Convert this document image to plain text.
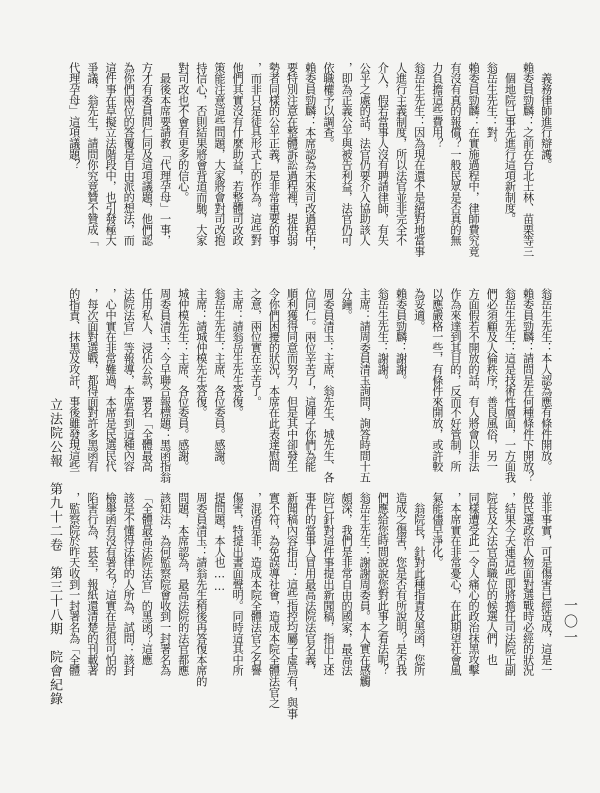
一〇一
立法院公報　第九十二卷　第三十八期　院會紀錄
　義務律師進行辯護。
賴委員勁麟：之前在台北土林、苗栗等三
　個地院已事先進行這項新制度。
翁岳生先生：對。
賴委員勁麟：在實施過程中，律師費究竟
有沒有真的報償？一般民眾是否真的無
力負擔這些費用？
翁岳生先生：因為現在還不是絕對地當事
人進行主義制度，所以法官並非完全不
介入，假若當事人沒有聘請律師，有失
公平之處的話，法官仍要介入協助該人
，即為正義公平與被告利益，法官仍可
依職權予以調查。
賴委員勁麟：本席認為未來司改過程中，
要特別注意在整體訴訟過程裡，提供弱
勢者同樣的公平正義，是非常重要的事
，而非只是徒具形式上的作為。這些對
他們其實沒有什麼助益，若整體司改政
策能注意這些問題，大家將會對司改抱
持信心，否則結果將會背道而馳，大家
對司改也不會有更多的信心。
　最後本席要請教「代理孕母」一事，
方才有委員問仁同及這項議題，他們認
為你們兩位的答覆是自由派的想法，而
這件事在草擬立法階段中，也引發極大
爭議，翁先生，請問你究竟贊不贊成「
代理孕母」這項議題？
翁岳生先生：本人認為應有條件開放。
賴委員勁麟：請問是在何種條件下開放？
翁岳生先生：這是技術性層面，一方面我
們必須顧及人倫秩序，善良風俗，另一
方面假若不開放的話，有人將會以非法
作為來達到其目的，反而不好管制，所
以應嚴格一些，有條件來開放，或許較
為妥適。
賴委員勁麟：謝謝。
翁岳生先生：謝謝。
主席：請周委員清玉詢問，詢答時間十五
分鐘。
周委員清玉：主席、翁先生、城先生、各
位同仁。兩位辛苦了，這陣子你們為能
順利獲得同意而努力，但是其中卻發生
令你們困擾的狀況，本席在此表達慰問
之意，兩位實在辛苦了。
主席：請翁岳生先生答復。
翁岳生先生：主席、各位委員。感謝。
主席：請城仲模先生答復。
城仲模先生：主席、各位委員。感謝。
周委員清玉：今早聯合報標題：黑函指翁
任用私人、浸佔公款，署名「全體最高
法院法官」等報導，本席看到這種內容
，心中實在非常難過，本席是民選民代
，每次面對選戰，都得面對許多黑函有
的指責、抹黑及攻訐，事後雖發現這些
並非事實，可是傷害已經造成，這是一
般民選政治人物面對選戰時必經的狀況
，結果今天連這些即將擔任司法院正副
院長及大法官高職位的候選人們，也
同樣遭受此一令人痛心的政治抹黑攻擊
，本席實在非常憂心，在此期望社會風
氣能儘早淨化。
　翁院長，針對此種指責及黑函，您所
造成之傷害，您是否有所說明？是否我
們應給您時間說說您對此事之看法呢？
翁岳生先生：謝謝周委員。本人實在感觸
頗深，我們是非常自由的國家，最高法
院已針對這件事提出新聞稿，指出上述
事件的當事人冒用最高法院法官名義，
新聞稿內容指出：這些指控均屬子虛烏有，與事
實不符，為免誤導社會，造成本院全體法官之
，混淆是非，造成本院全體法官之名譽
傷害，特提出書面聲明。同時這其中所
提問題，本人也……
周委員清玉：請翁先生稍後再答復本席的
問題，本席認為，最高法院的法官都應
該知法，為何監察院會收到一封署名為
「全體最高法院法官」的黑函？這應
該是不懂得法律的人所為，試問：該封
檢舉函有沒有署名？這實在是很可怕的
陷害行為，甚至，報紙還清楚的刊載著
，監察院於昨天收到一封署名為「全體
